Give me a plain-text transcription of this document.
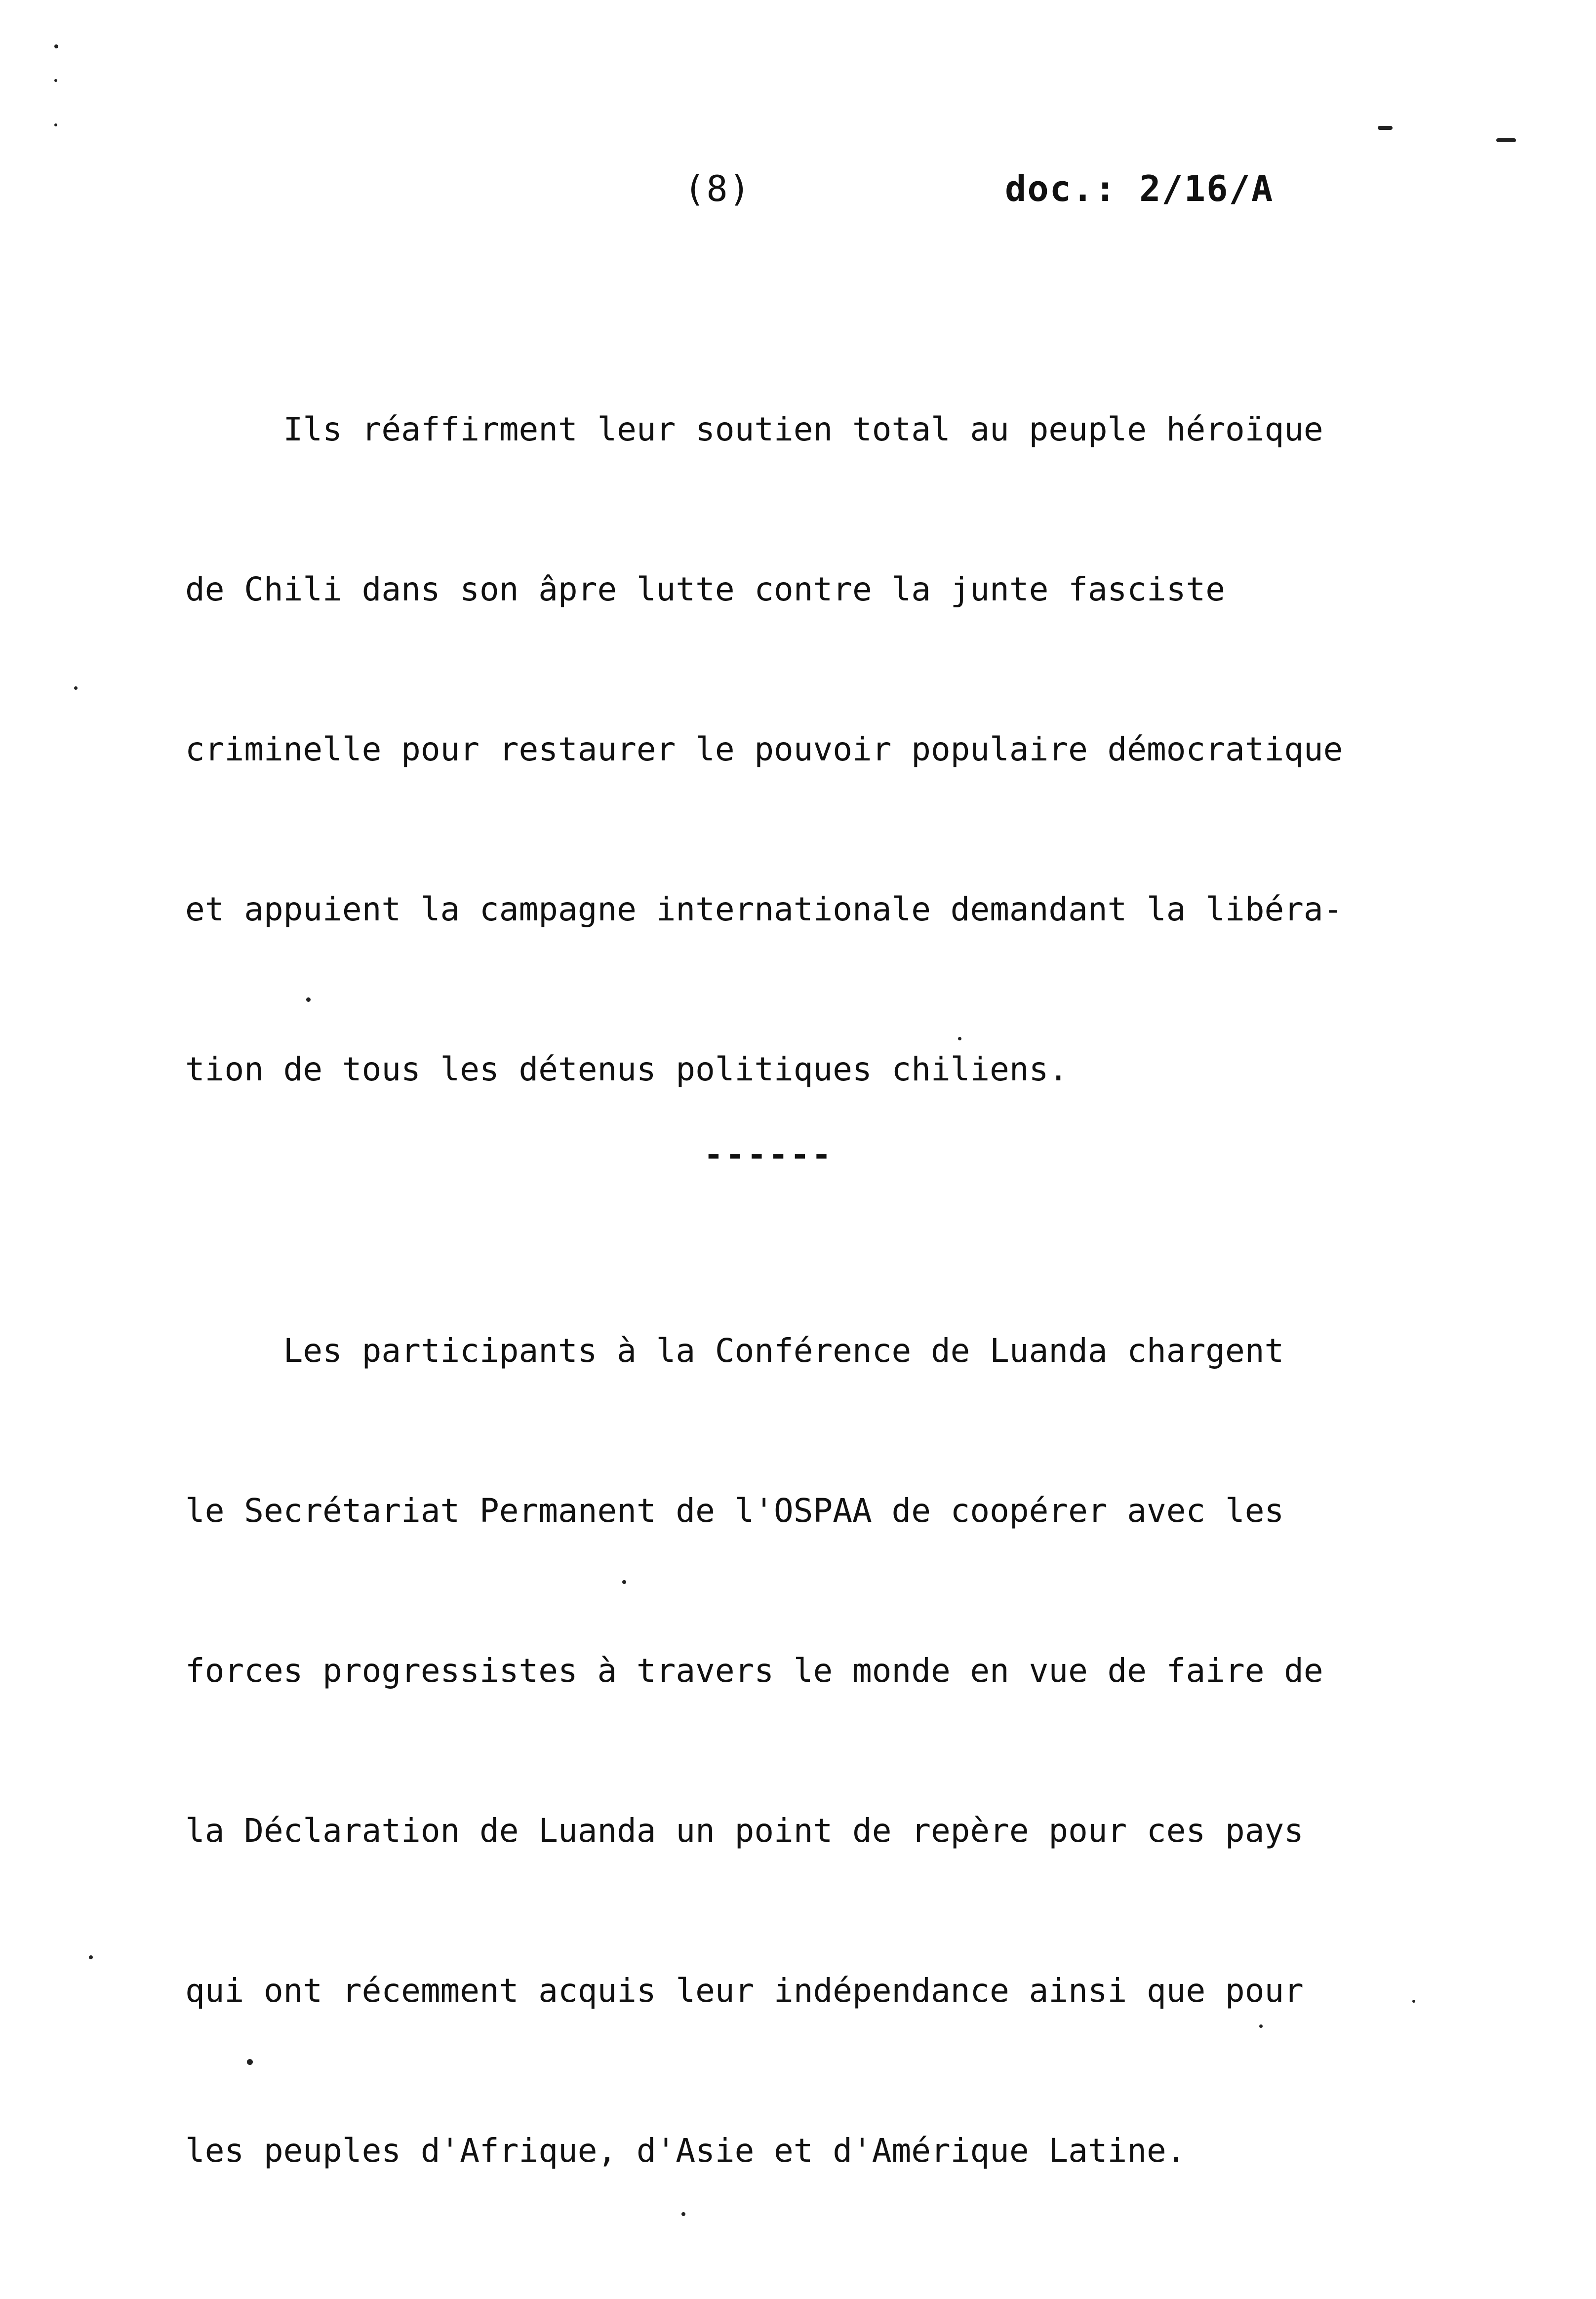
(8)	doc.: 2/16/A

Ils réaffirment leur soutien total au peuple héroïque

de Chili dans son âpre lutte contre la junte fasciste

criminelle pour restaurer le pouvoir populaire démocratique

et appuient la campagne internationale demandant la libéra-

tion de tous les détenus politiques chiliens.

Les participants à la Conférence de Luanda chargent

le Secrétariat Permanent de l'OSPAA de coopérer avec les

forces progressistes à travers le monde en vue de faire de

la Déclaration de Luanda un point de repère pour ces pays

qui ont récemment acquis leur indépendance ainsi que pour

les peuples d'Afrique, d'Asie et d'Amérique Latine.

------
